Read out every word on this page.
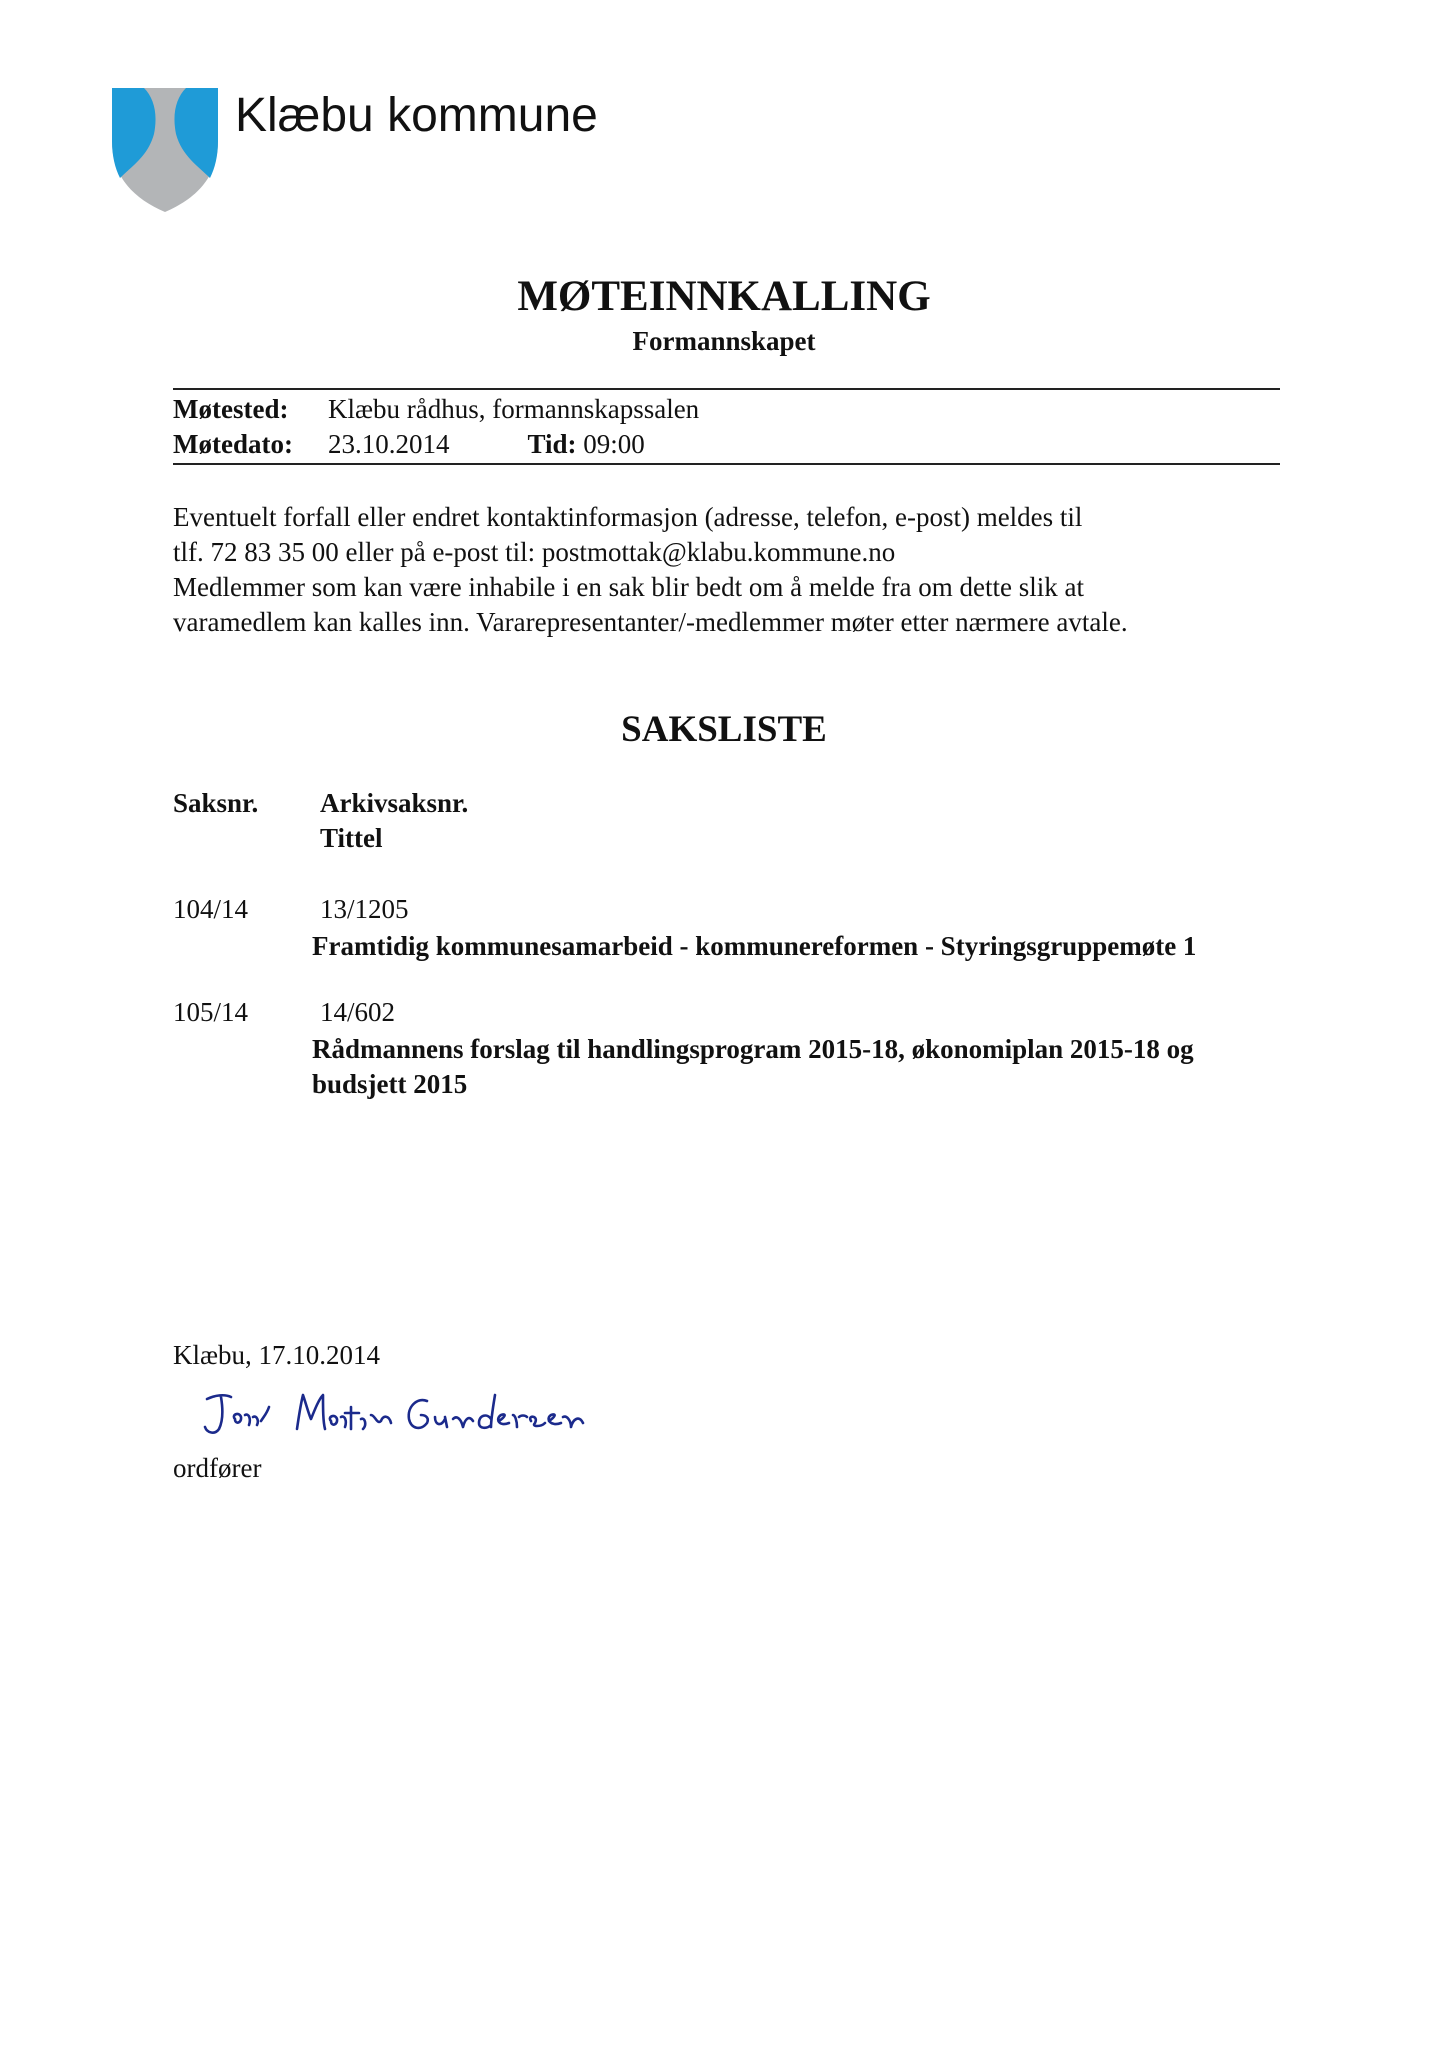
Klæbu kommune
MØTEINNKALLING
Formannskapet
Møtested: Klæbu rådhus, formannskapssalen
Møtedato: 23.10.2014	Tid: 09:00

Eventuelt forfall eller endret kontaktinformasjon (adresse, telefon, e-post) meldes til

tlf. 72 83 35 00 eller på e-post til: postmottak@klabu.kommune.no

Medlemmer som kan være inhabile i en sak blir bedt om å melde fra om dette slik at

varamedlem kan kalles inn. Vararepresentanter/-medlemmer møter etter nærmere avtale.

SAKSLISTE
Saksnr. Arkivsaksnr.
Tittel
104/14	13/1205
Framtidig kommunesamarbeid - kommunereformen - Styringsgruppemøte 1
105/14	14/602
Rådmannens forslag til handlingsprogram 2015-18, økonomiplan 2015-18 og budsjett 2015
Klæbu, 17.10.2014
ordfører
